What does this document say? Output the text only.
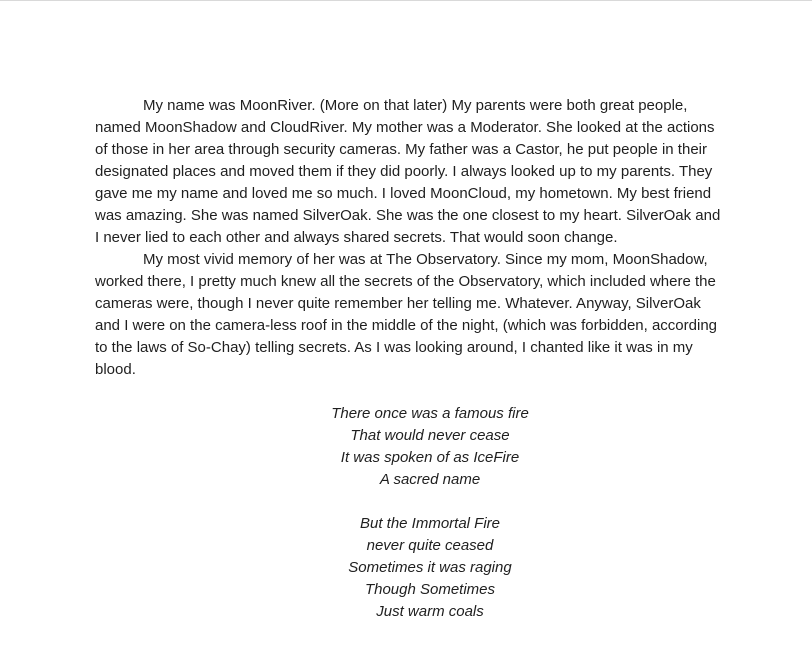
My name was MoonRiver. (More on that later) My parents were both great people, named MoonShadow and CloudRiver. My mother was a Moderator. She looked at the actions of those in her area through security cameras. My father was a Castor, he put people in their designated places and moved them if they did poorly. I always looked up to my parents. They gave me my name and loved me so much. I loved MoonCloud, my hometown. My best friend was amazing. She was named SilverOak. She was the one closest to my heart. SilverOak and I never lied to each other and always shared secrets. That would soon change.

My most vivid memory of her was at The Observatory. Since my mom, MoonShadow, worked there, I pretty much knew all the secrets of the Observatory, which included where the cameras were, though I never quite remember her telling me. Whatever. Anyway, SilverOak and I were on the camera-less roof in the middle of the night, (which was forbidden, according to the laws of So-Chay) telling secrets. As I was looking around, I chanted like it was in my blood.

There once was a famous fire
That would never cease
It was spoken of as IceFire
A sacred name
But the Immortal Fire
never quite ceased
Sometimes it was raging
Though Sometimes
Just warm coals
